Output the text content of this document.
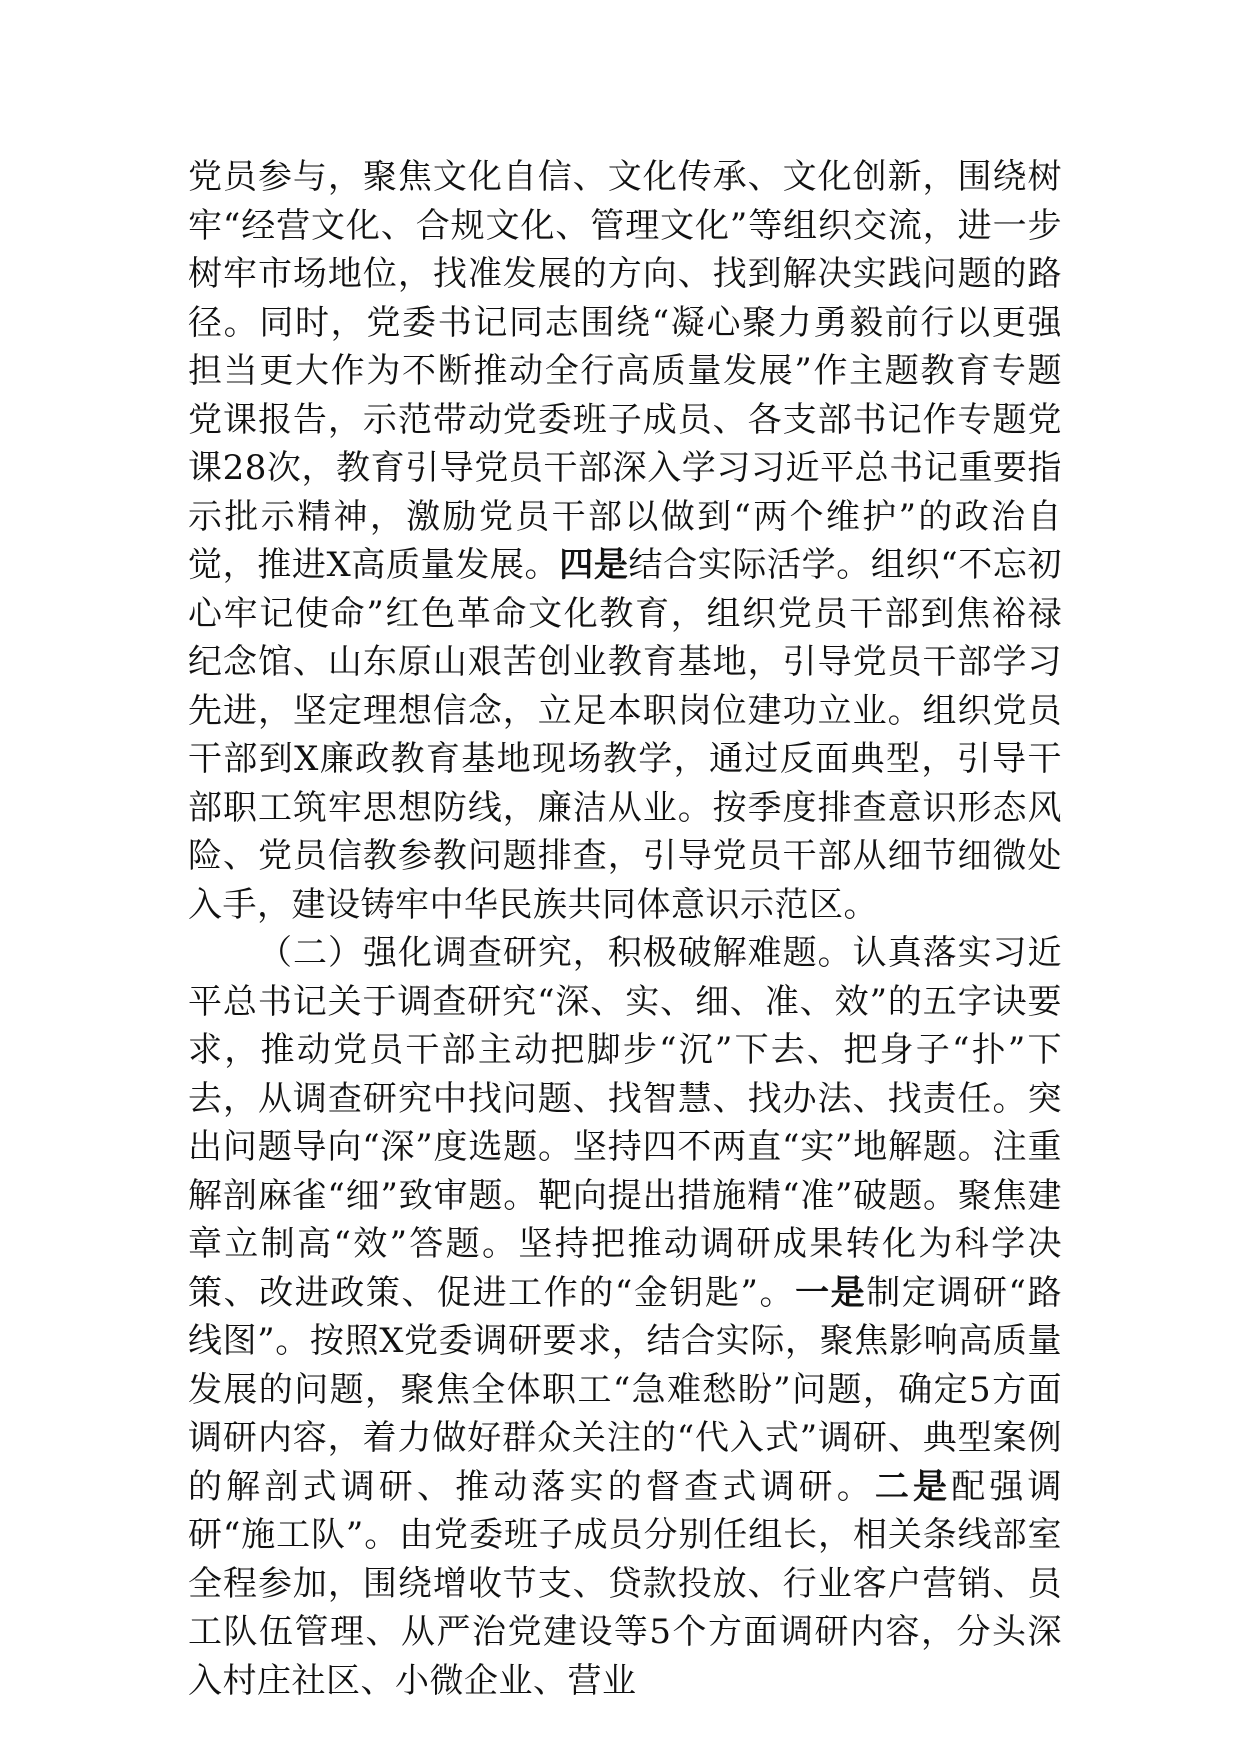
党员参与，聚焦文化自信、文化传承、文化创新，围绕树牢“经营文化、合规文化、管理文化”等组织交流，进一步树牢市场地位，找准发展的方向、找到解决实践问题的路径。同时，党委书记同志围绕“凝心聚力勇毅前行以更强担当更大作为不断推动全行高质量发展”作主题教育专题党课报告，示范带动党委班子成员、各支部书记作专题党课28次，教育引导党员干部深入学习习近平总书记重要指示批示精神，激励党员干部以做到“两个维护”的政治自觉，推进X高质量发展。四是结合实际活学。组织“不忘初心牢记使命”红色革命文化教育，组织党员干部到焦裕禄纪念馆、山东原山艰苦创业教育基地，引导党员干部学习先进，坚定理想信念，立足本职岗位建功立业。组织党员干部到X廉政教育基地现场教学，通过反面典型，引导干部职工筑牢思想防线，廉洁从业。按季度排查意识形态风险、党员信教参教问题排查，引导党员干部从细节细微处入手，建设铸牢中华民族共同体意识示范区。

（二）强化调查研究，积极破解难题。认真落实习近平总书记关于调查研究“深、实、细、准、效”的五字诀要求，推动党员干部主动把脚步“沉”下去、把身子“扑”下去，从调查研究中找问题、找智慧、找办法、找责任。突出问题导向“深”度选题。坚持四不两直“实”地解题。注重解剖麻雀“细”致审题。靶向提出措施精“准”破题。聚焦建章立制高“效”答题。坚持把推动调研成果转化为科学决策、改进政策、促进工作的“金钥匙”。一是制定调研“路线图”。按照X党委调研要求，结合实际，聚焦影响高质量发展的问题，聚焦全体职工“急难愁盼”问题，确定5方面调研内容，着力做好群众关注的“代入式”调研、典型案例的解剖式调研、推动落实的督查式调研。二是配强调研“施工队”。由党委班子成员分别任组长，相关条线部室全程参加，围绕增收节支、贷款投放、行业客户营销、员工队伍管理、从严治党建设等5个方面调研内容，分头深入村庄社区、小微企业、营业
